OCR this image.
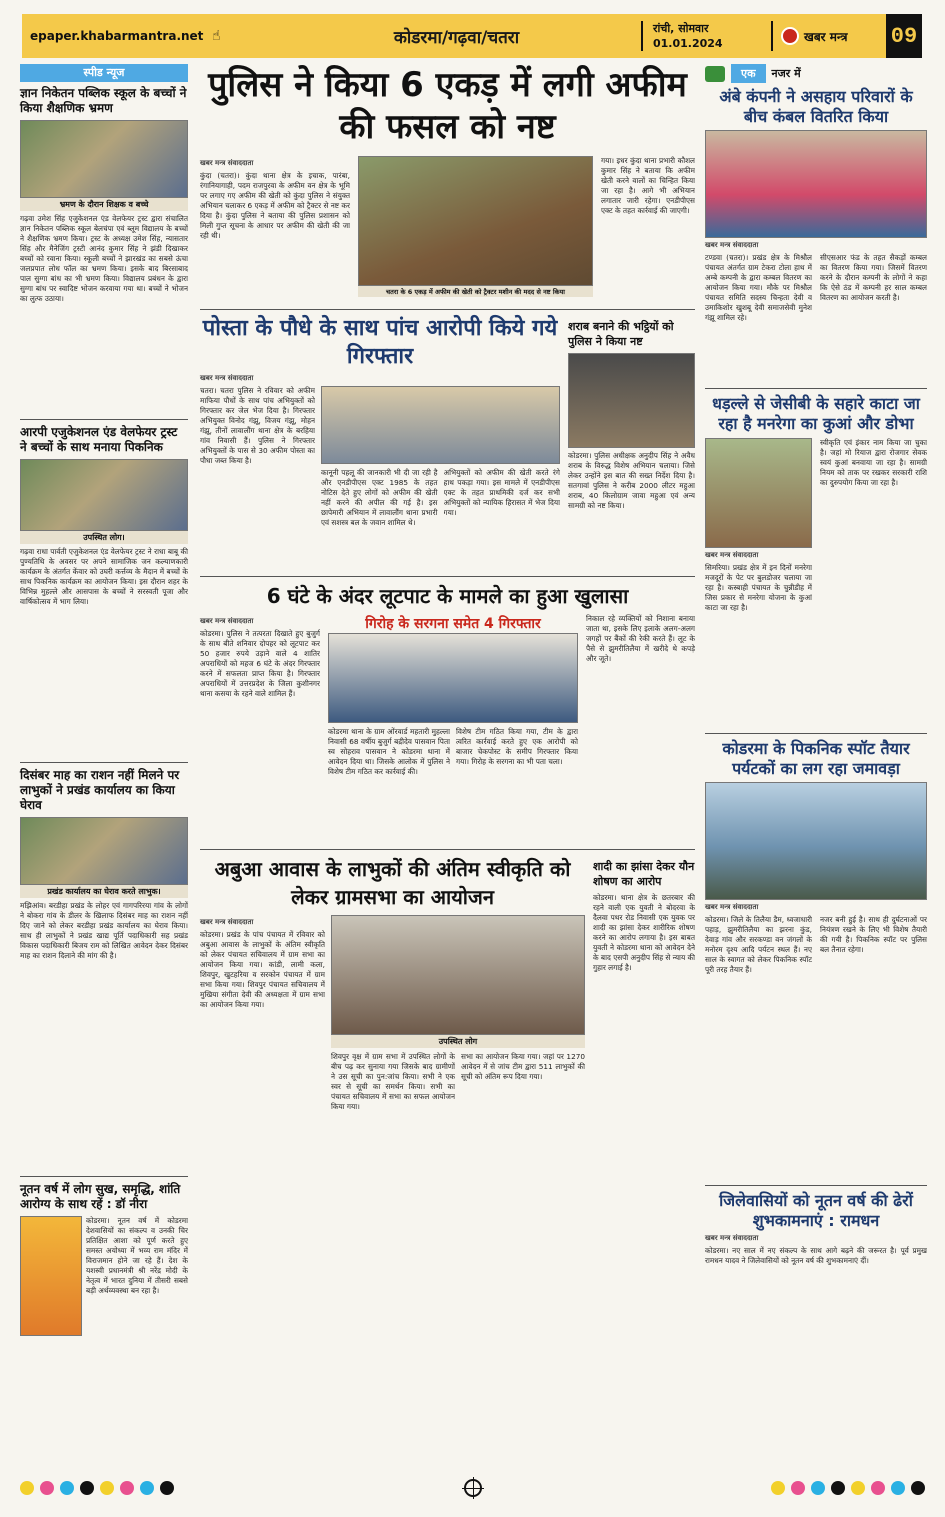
epaper.khabarmantra.net ☝	कोडरमा/गढ़वा/चतरा	रांची, सोमवार
01.01.2024	खबर मन्त्र 09
स्पीड न्यूज
ज्ञान निकेतन पब्लिक स्कूल के बच्चों ने किया शैक्षणिक भ्रमण
भ्रमण के दौरान शिक्षक व बच्चे
गढ़वा उमेश सिंह एजुकेशनल एंड वेलफेयर ट्रस्ट द्वारा संचालित ज्ञान निकेतन पब्लिक स्कूल बेलचंपा एवं ब्लूम विद्यालय के बच्चों ने शैक्षणिक भ्रमण किया। ट्रस्ट के अध्यक्ष उमेश सिंह, न्यासतार सिंह और मैनेजिंग ट्रस्टी आनंद कुमार सिंह ने झंडी दिखाकर बच्चों को रवाना किया। स्कूली बच्चों ने झारखंड का सबसे ऊंचा जलप्रपात लोध फॉल का भ्रमण किया। इसके बाद बिरसाबाद पाल सुग्गा बांध का भी भ्रमण किया। विद्यालय प्रबंधन के द्वारा सुग्गा बांध पर स्वादिष्ट भोजन करवाया गया था। बच्चों ने भोजन का लुत्फ उठाया।
आरपी एजुकेशनल एंड वेलफेयर ट्रस्ट ने बच्चों के साथ मनाया पिकनिक
उपस्थित लोग।
गढ़वा राधा पार्वती एजुकेशनल एंड वेलफेयर ट्रस्ट ने राधा बाबू की पुण्यतिथि के अवसर पर अपने सामाजिक जन कल्याणकारी कार्यक्रम के अंतर्गत केंवार को उघरी कर्त्तव्य के मैदान में बच्चों के साथ पिकनिक कार्यक्रम का आयोजन किया। इस दौरान शहर के विभिन्न मुहल्ले और आसपास के बच्चों ने सरस्वती पूजा और वार्षिकोत्सव में भाग लिया।
दिसंबर माह का राशन नहीं मिलने पर लाभुकों ने प्रखंड कार्यालय का किया घेराव
प्रखंड कार्यालय का घेराव करते लाभुक।
मझिआंव। बरडीहा प्रखंड के लोहर एवं गागपरिरया गांव के लोगों ने बोकरा गांव के डीलर के खिलाफ दिसंबर माह का राशन नहीं दिए जाने को लेकर बरडीहा प्रखंड कार्यालय का घेराव किया। साथ ही लाभुकों ने प्रखंड खाद्य पूर्ति पदाधिकारी सह प्रखंड विकास पदाधिकारी बिजय राम को लिखित आवेदन देकर दिसंबर माह का राशन दिलाने की मांग की है।
नूतन वर्ष में लोग सुख, समृद्धि, शांति आरोग्य के साथ रहें : डॉ नीरा
कोडरमा। नूतन वर्ष में कोडरमा देशवासियों का संकल्प व उनकी चिर प्रतिक्षित आशा को पूर्ण करते हुए समस्त अयोध्या में भव्य राम मंदिर में विराजमान होने जा रहे हैं। देश के यशस्वी प्रधानमंत्री श्री नरेंद्र मोदी के नेतृत्व में भारत दुनिया में तीसरी सबसे बड़ी अर्थव्यवस्था बन रहा है।
पुलिस ने किया 6 एकड़ में लगी अफीम की फसल को नष्ट
खबर मन्त्र संवाददाता
कुंदा (चतरा)। कुंदा थाना क्षेत्र के इचाक, पारंबा, रंगानियागाही, पदम राजपुरवा के अफीम वन क्षेत्र के भूमि पर लगाए गए अफीम की खेती को कुंदा पुलिस ने संयुक्त अभियान चलाकर 6 एकड़ में अफीम को ट्रैक्टर से नष्ट कर दिया है। कुंदा पुलिस ने बताया की पुलिस प्रशासन को मिली गुप्त सूचना के आधार पर अफीम की खेती की जा रही थी।
चतरा के 6 एकड़ में अफीम की खेती को ट्रैक्टर मशीन की मदद से नष्ट किया
गया। इधर कुंदा थाना प्रभारी कौशल कुमार सिंह ने बताया कि अफीम खेती करने वालों का चिन्हित किया जा रहा है। आगे भी अभियान लगातार जारी रहेगा। एनडीपीएस एक्ट के तहत कार्रवाई की जाएगी।
पोस्ता के पौधे के साथ पांच आरोपी किये गये गिरफ्तार
खबर मन्त्र संवाददाता
चतरा। चतरा पुलिस ने रविवार को अफीम माफिया पौधों के साथ पांच अभियुक्तों को गिरफ्तार कर जेल भेज दिया है। गिरफ्तार अभियुक्त विनोद गंझू, विजय गंझू, मोहन गंझू, तीनों लावालौंग थाना क्षेत्र के बरहिया गांव निवासी हैं। पुलिस ने गिरफ्तार अभियुक्तों के पास से 30 अफीम पोस्ता का पौधा जब्त किया है।
कानूनी पहलू की जानकारी भी दी जा रही है और एनडीपीएस एक्ट 1985 के तहत नोटिस देते हुए लोगों को अफीम की खेती नहीं करने की अपील की गई है। इस छापेमारी अभियान में लावालौंग थाना प्रभारी एवं सशस्त्र बल के जवान शामिल थे।
अभियुक्तों को अफीम की खेती करते रंगे हाथ पकड़ा गया। इस मामले में एनडीपीएस एक्ट के तहत प्राथमिकी दर्ज कर सभी अभियुक्तों को न्यायिक हिरासत में भेज दिया गया।
शराब बनाने की भट्ठियों को पुलिस ने किया नष्ट
कोडरमा। पुलिस अधीक्षक अनुदीप सिंह ने अवैध शराब के विरुद्ध विशेष अभियान चलाया। जिसे लेकर उन्होंने इस बात की सख्त निर्देश दिया है। सतगावां पुलिस ने करीब 2000 लीटर महुआ शराब, 40 किलोग्राम जावा महुआ एवं अन्य सामग्री को नष्ट किया।
6 घंटे के अंदर लूटपाट के मामले का हुआ खुलासा
खबर मन्त्र संवाददाता
कोडरमा। पुलिस ने तत्परता दिखाते हुए बुजुर्ग के साथ बीते शनिवार दोपहर को लूटपाट कर 50 हजार रुपये उड़ाने वाले 4 शातिर अपराधियों को महज 6 घंटे के अंदर गिरफ्तार करने में सफलता प्राप्त किया है। गिरफ्तार अपराधियों में उत्तरप्रदेश के जिला कुशीनगर थाना कसया के रहने वाले शामिल हैं।
गिरोह के सरगना समेत 4 गिरफ्तार
कोडरमा थाना के ग्राम ओंरवार्ड महतारी मुहल्ला निवासी 68 वर्षीय बुजुर्ग बद्रीदेव पासवान पिता स्व सोहराव पासवान ने कोडरमा थाना में आवेदन दिया था। जिसके आलोक में पुलिस ने विशेष टीम गठित कर कार्रवाई की।
विशेष टीम गठित किया गया, टीम के द्वारा त्वरित कार्रवाई करते हुए एक आरोपी को बाजार चेकपोस्ट के समीप गिरफ्तार किया गया। गिरोह के सरगना का भी पता चला।
निकाल रहे व्यक्तियों को निशाना बनाया जाता था, इसके लिए इलाके अलग-अलग जगहों पर बैंकों की रेकी करते हैं। लूट के पैसे से झुमरीतिलैया में खरीदे थे कपड़े और जूते।
अबुआ आवास के लाभुकों की अंतिम स्वीकृति को लेकर ग्रामसभा का आयोजन
खबर मन्त्र संवाददाता
कोडरमा। प्रखंड के पांच पंचायत में रविवार को अबुआ आवास के लाभुकों के अंतिम स्वीकृति को लेकर पंचायत सचिवालय में ग्राम सभा का आयोजन किया गया। कांडी, लामी कला, शिवपुर, खुटहरिया व सरकोन पंचायत में ग्राम सभा किया गया। शिवपुर पंचायत सचिवालय में मुखिया संगीता देवी की अध्यक्षता में ग्राम सभा का आयोजन किया गया।
उपस्थित लोग
शिवपुर वृक्ष में ग्राम सभा में उपस्थित लोगों के बीच पढ़ कर सुनाया गया जिसके बाद ग्रामीणों ने उस सूची का पुन:जांच किया। सभी ने एक स्वर से सूची का समर्थन किया। सभी का पंचायत सचिवालय में सभा का सफल आयोजन किया गया।
सभा का आयोजन किया गया। जहां पर 1270 आवेदन में से जांच टीम द्वारा 511 लाभुकों की सूची को अंतिम रूप दिया गया।
शादी का झांसा देकर यौन शोषण का आरोप
कोडरमा। थाना क्षेत्र के छतरबार की रहने वाली एक युवती ने बोदरवा के दैलवा पथर रोड निवासी एक युवक पर शादी का झांसा देकर शारीरिक शोषण करने का आरोप लगाया है। इस बाबत युवती ने कोडरमा थाना को आवेदन देने के बाद एसपी अनुदीप सिंह से न्याय की गुहार लगाई है।
एक	नजर में
अंबे कंपनी ने असहाय परिवारों के बीच कंबल वितरित किया
खबर मन्त्र संवाददाता
टण्डवा (चतरा)। प्रखंड क्षेत्र के मिश्रौल पंचायत अंतर्गत ग्राम टेकरा टोला हाथ में अम्बे कम्पनी के द्वारा कम्बल वितरण का आयोजन किया गया। मौके पर मिश्रौल पंचायत समिति सदस्य चिन्हता देवी व उमाकिशोर खुशबू देवी समाजसेवी मुनेश गंझू शामिल रहे।
सीएसआर फंड के तहत सैकड़ों कम्बल का वितरण किया गया। जिसमें वितरण करने के दौरान कम्पनी के लोगों ने कहा कि ऐसे ठंड में कम्पनी हर साल कम्बल वितरण का आयोजन करती है।
धड़ल्ले से जेसीबी के सहारे काटा जा रहा है मनरेगा का कुआं और डोभा
खबर मन्त्र संवाददाता
सिमरिया। प्रखंड क्षेत्र में इन दिनों मनरेगा मजदूरों के पेट पर बुलडोजर चलाया जा रहा है। कस्बाही पंचायत के चुन्नीडीह में जिस प्रकार से मनरेगा योजना के कुआं काटा जा रहा है।
स्वीकृति एवं इंकार नाम किया जा चुका है। जहां मो रियाज द्वारा रोजगार सेवक स्वयं कुआं बनवाया जा रहा है। सामग्री नियम को ताक पर रखकर सरकारी राशि का दुरुपयोग किया जा रहा है।
कोडरमा के पिकनिक स्पॉट तैयार पर्यटकों का लग रहा जमावड़ा
खबर मन्त्र संवाददाता
कोडरमा। जिले के तिलैया डैम, ध्वजाधारी पहाड़, झुमरीतिलैया का झरना कुंड, देवाड़ गांव और सरकण्डा वन जंगलों के मनोरम दृश्य आदि पर्यटन स्थल हैं। नए साल के स्वागत को लेकर पिकनिक स्पॉट पूरी तरह तैयार हैं।
नजर बनी हुई है। साथ ही दुर्घटनाओं पर नियंत्रण रखने के लिए भी विशेष तैयारी की गयी है। पिकनिक स्पॉट पर पुलिस बल तैनात रहेगा।
जिलेवासियों को नूतन वर्ष की ढेरों शुभकामनाएं : रामधन
खबर मन्त्र संवाददाता
कोडरमा। नए साल में नए संकल्प के साथ आगे बढ़ने की जरूरत है। पूर्व प्रमुख रामधन यादव ने जिलेवासियों को नूतन वर्ष की शुभकामनाएं दीं।
